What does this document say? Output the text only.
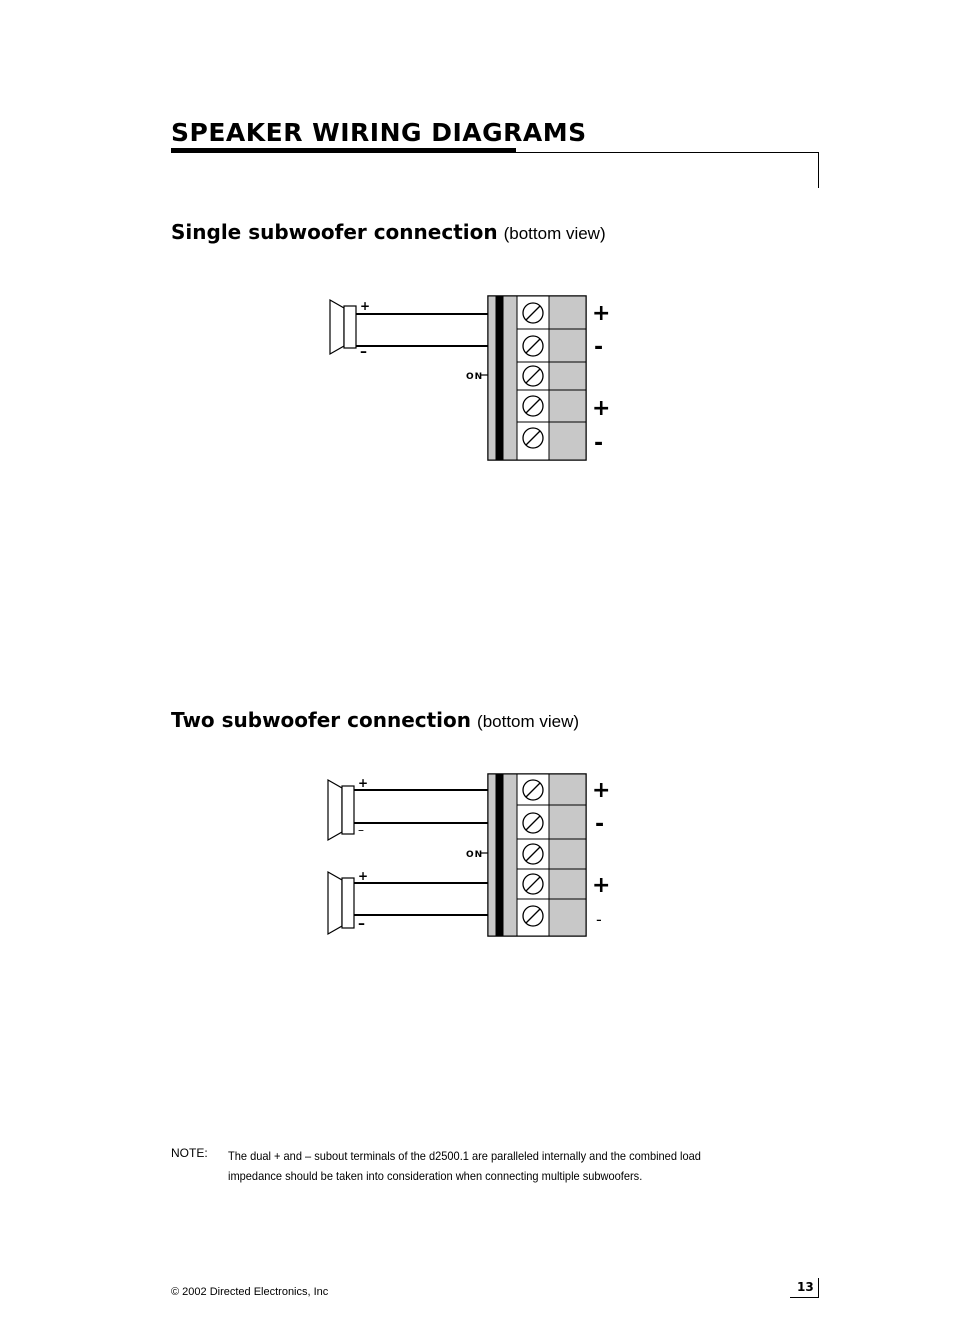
SPEAKER WIRING DIAGRAMS
Single subwoofer connection (bottom view)
+
–
ON
+
-
+
-
Two subwoofer connection (bottom view)
+
–
+
–
ON
+
-
+
-
NOTE: The dual + and – subout terminals of the d2500.1 are paralleled internally and the combined load impedance should be taken into consideration when connecting multiple subwoofers.
© 2002 Directed Electronics, Inc	13
